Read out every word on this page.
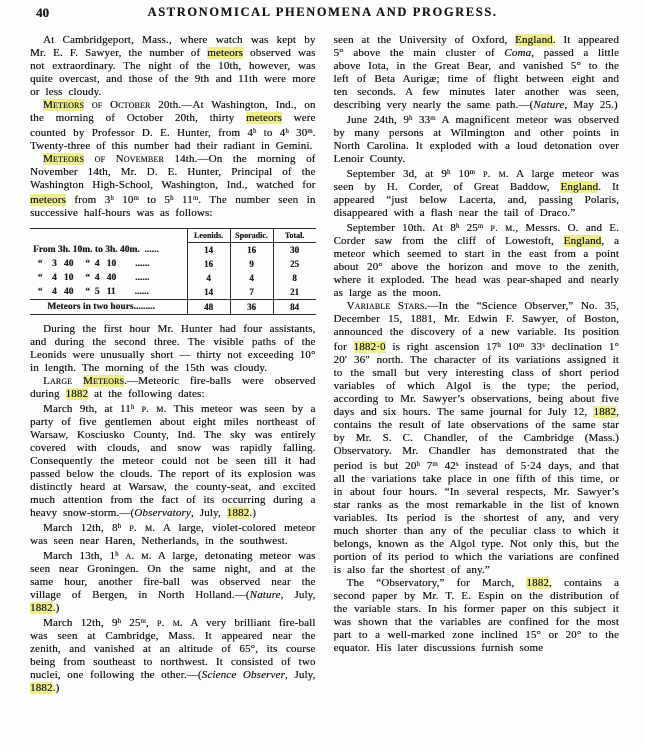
40	ASTRONOMICAL PHENOMENA AND PROGRESS.

At Cambridgeport, Mass., where watch was kept by Mr. E. F. Sawyer, the number of meteors observed was not extraordinary. The night of the 10th, however, was quite overcast, and those of the 9th and 11th were more or less cloudy.

Meteors of October 20th.—At Washington, Ind., on the morning of October 20th, thirty meteors were counted by Professor D. E. Hunter, from 4$^h$ to 4$^h$ 30$^m$. Twenty-three of this number had their radiant in Gemini.

Meteors of November 14th.—On the morning of November 14th, Mr. D. E. Hunter, Principal of the Washington High-School, Washington, Ind., watched for meteors from 3$^h$ 10$^m$ to 5$^h$ 11$^m$. The number seen in successive half-hours was as follows:

	Leonids.	Sporadic.	Total.
From 3h. 10m. to 3h. 40m.  ......	14	16	30
“    3   40     “  4   10        ......	16	9	25
“    4   10     “  4   40        ......	4	4	8
“    4   40     “  5   11        ......	14	7	21
Meteors in two hours.........	48	36	84

During the first hour Mr. Hunter had four assistants, and during the second three. The visible paths of the Leonids were unusually short — thirty not exceeding 10° in length. The morning of the 15th was cloudy.

Large Meteors.—Meteoric fire-balls were observed during 1882 at the following dates:

March 9th, at 11$^h$ p. m. This meteor was seen by a party of five gentlemen about eight miles northeast of Warsaw, Kosciusko County, Ind. The sky was entirely covered with clouds, and snow was rapidly falling. Consequently the meteor could not be seen till it had passed below the clouds. The report of its explosion was distinctly heard at Warsaw, the county-seat, and excited much attention from the fact of its occurring during a heavy snow-storm.—(Observatory, July, 1882.)

March 12th, 8$^h$ p. m. A large, violet-colored meteor was seen near Haren, Netherlands, in the southwest.

March 13th, 1$^h$ a. m. A large, detonating meteor was seen near Groningen. On the same night, and at the same hour, another fire-ball was observed near the village of Bergen, in North Holland.—(Nature, July, 1882.)

March 12th, 9$^h$ 25$^m$, p. m. A very brilliant fire-ball was seen at Cambridge, Mass. It appeared near the zenith, and vanished at an altitude of 65°, its course being from southeast to northwest. It consisted of two nuclei, one following the other.—(Science Observer, July, 1882.)

seen at the University of Oxford, England. It appeared 5° above the main cluster of Coma, passed a little above Iota, in the Great Bear, and vanished 5° to the left of Beta Aurigæ; time of flight between eight and ten seconds. A few minutes later another was seen, describing very nearly the same path.—(Nature, May 25.)

June 24th, 9$^h$ 33$^m$ A magnificent meteor was observed by many persons at Wilmington and other points in North Carolina. It exploded with a loud detonation over Lenoir County.

September 3d, at 9$^h$ 10$^m$ p. m. A large meteor was seen by H. Corder, of Great Baddow, England. It appeared “just below Lacerta, and, passing Polaris, disappeared with a flash near the tail of Draco.”

September 10th. At 8$^h$ 25$^m$ p. m., Messrs. O. and E. Corder saw from the cliff of Lowestoft, England, a meteor which seemed to start in the east from a point about 20° above the horizon and move to the zenith, where it exploded. The head was pear-shaped and nearly as large as the moon.

Variable Stars.—In the “Science Observer,” No. 35, December 15, 1881, Mr. Edwin F. Sawyer, of Boston, announced the discovery of a new variable. Its position for 1882·0 is right ascension 17$^h$ 10$^m$ 33$^s$ declination 1° 20′ 36″ north. The character of its variations assigned it to the small but very interesting class of short period variables of which Algol is the type; the period, according to Mr. Sawyer’s observations, being about five days and six hours. The same journal for July 12, 1882, contains the result of late observations of the same star by Mr. S. C. Chandler, of the Cambridge (Mass.) Observatory. Mr. Chandler has demonstrated that the period is but 20$^h$ 7$^m$ 42$^s$ instead of 5·24 days, and that all the variations take place in one fifth of this time, or in about four hours. “In several respects, Mr. Sawyer’s star ranks as the most remarkable in the list of known variables. Its period is the shortest of any, and very much shorter than any of the peculiar class to which it belongs, known as the Algol type. Not only this, but the portion of its period to which the variations are confined is also far the shortest of any.”

The “Observatory,” for March, 1882, contains a second paper by Mr. T. E. Espin on the distribution of the variable stars. In his former paper on this subject it was shown that the variables are confined for the most part to a well-marked zone inclined 15° or 20° to the equator. His later discussions furnish some
